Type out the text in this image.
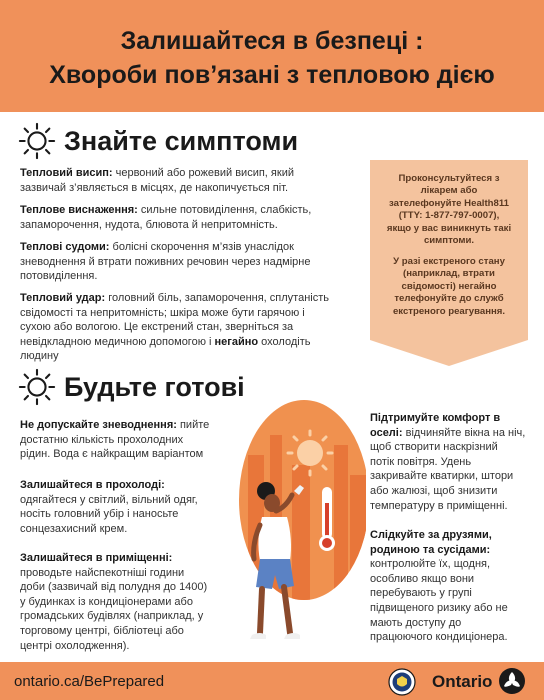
Залишайтеся в безпеці :
Хвороби пов’язані з тепловою дією
Знайте симптоми
Тепловий висип: червоний або рожевий висип, який
зазвичай з’являється в місцях, де накопичується піт.
Теплове виснаження: сильне потовиділення, слабкість,
запаморочення, нудота, блювота й непритомність.
Теплові судоми: болісні скорочення м’язів унаслідок
зневоднення й втрати поживних речовин через надмірне
потовиділення.
Тепловий удар: головний біль, запаморочення, сплутаність
свідомості та непритомність; шкіра може бути гарячою і
сухою або вологою. Це екстрений стан, зверніться за
невідкладною медичною допомогою і негайно охолодіть
людину
Проконсультуйтеся з
лікарем або
зателефонуйте Health811
(TTY: 1-877-797-0007),
якщо у вас виникнуть такі
симптоми.
У разі екстреного стану
(наприклад, втрати
свідомості) негайно
телефонуйте до служб
екстреного реагування.
Будьте готові
Не допускайте зневоднення: пийте
достатню кількість прохолодних
рідин. Вода є найкращим варіантом
Залишайтеся в прохолоді:
одягайтеся у світлий, вільний одяг,
носіть головний убір і наносьте
сонцезахисний крем.
Залишайтеся в приміщенні:
проводьте найспекотніші години
доби (зазвичай від полудня до 1400)
у будинках із кондиціонерами або
громадських будівлях (наприклад, у
торговому центрі, бібліотеці або
центрі охолодження).
Підтримуйте комфорт в
оселі: відчиняйте вікна на ніч,
щоб створити наскрізний
потік повітря. Удень
закривайте кватирки, штори
або жалюзі, щоб знизити
температуру в приміщенні.
Слідкуйте за друзями,
родиною та сусідами:
контролюйте їх, щодня,
особливо якщо вони
перебувають у групі
підвищеного ризику або не
мають доступу до
працюючого кондиціонера.
ontario.ca/BePrepared	Ontario
